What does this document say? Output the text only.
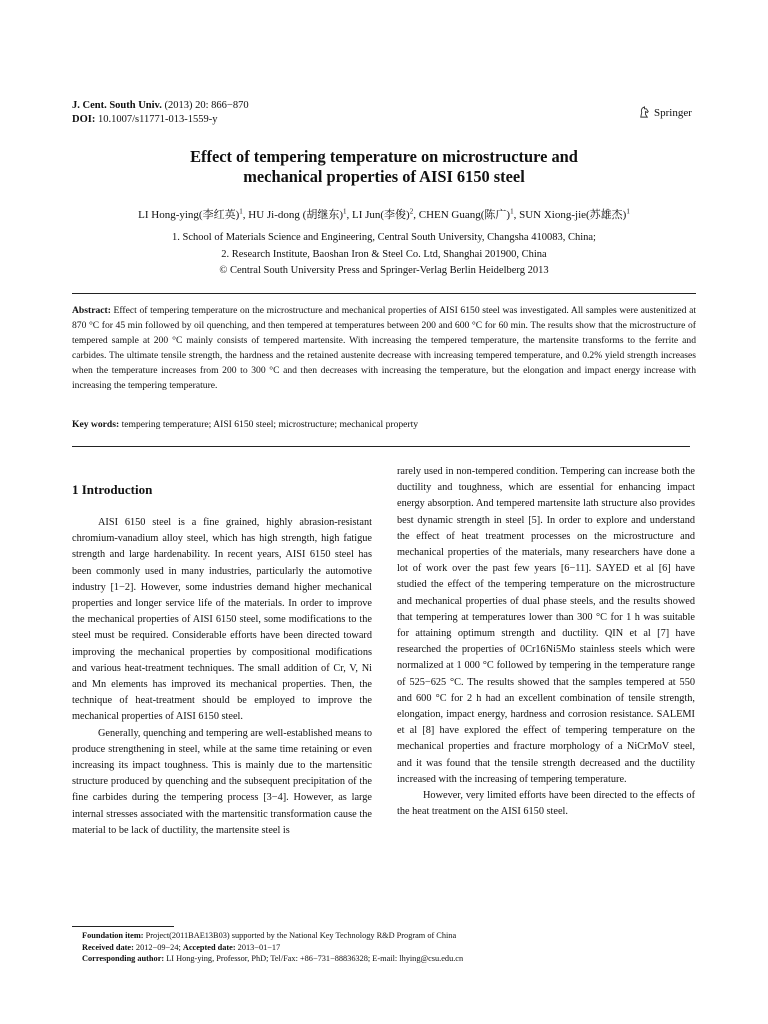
J. Cent. South Univ. (2013) 20: 866−870
DOI: 10.1007/s11771-013-1559-y
Springer
Effect of tempering temperature on microstructure and
mechanical properties of AISI 6150 steel
LI Hong-ying(李红英)$^1$, HU Ji-dong (胡继东)$^1$, LI Jun(李俊)$^2$, CHEN Guang(陈广)$^1$, SUN Xiong-jie(苏雄杰)$^1$
1. School of Materials Science and Engineering, Central South University, Changsha 410083, China;
2. Research Institute, Baoshan Iron & Steel Co. Ltd, Shanghai 201900, China
© Central South University Press and Springer-Verlag Berlin Heidelberg 2013
Abstract: Effect of tempering temperature on the microstructure and mechanical properties of AISI 6150 steel was investigated. All samples were austenitized at 870 °C for 45 min followed by oil quenching, and then tempered at temperatures between 200 and 600 °C for 60 min. The results show that the microstructure of tempered sample at 200 °C mainly consists of tempered martensite. With increasing the tempered temperature, the martensite transforms to the ferrite and carbides. The ultimate tensile strength, the hardness and the retained austenite decrease with increasing tempered temperature, and 0.2% yield strength increases when the temperature increases from 200 to 300 °C and then decreases with increasing the temperature, but the elongation and impact energy increase with increasing the tempering temperature.
Key words: tempering temperature; AISI 6150 steel; microstructure; mechanical property
1 Introduction

AISI 6150 steel is a fine grained, highly abrasion-resistant chromium-vanadium alloy steel, which has high strength, high fatigue strength and large hardenability. In recent years, AISI 6150 steel has been commonly used in many industries, particularly the automotive industry [1−2]. However, some industries demand higher mechanical properties and longer service life of the materials. In order to improve the mechanical properties of AISI 6150 steel, some modifications to the steel must be required. Considerable efforts have been directed toward improving the mechanical properties by compositional modifications and various heat-treatment techniques. The small addition of Cr, V, Ni and Mn elements has improved its mechanical properties. Then, the technique of heat-treatment should be employed to improve the mechanical properties of AISI 6150 steel.

Generally, quenching and tempering are well-established means to produce strengthening in steel, while at the same time retaining or even increasing its impact toughness. This is mainly due to the martensitic structure produced by quenching and the subsequent precipitation of the fine carbides during the tempering process [3−4]. However, as large internal stresses associated with the martensitic transformation cause the material to be lack of ductility, the martensite steel is

rarely used in non-tempered condition. Tempering can increase both the ductility and toughness, which are essential for enhancing impact energy absorption. And tempered martensite lath structure also provides best dynamic strength in steel [5]. In order to explore and understand the effect of heat treatment processes on the microstructure and mechanical properties of the materials, many researchers have done a lot of work over the past few years [6−11]. SAYED et al [6] have studied the effect of the tempering temperature on the microstructure and mechanical properties of dual phase steels, and the results showed that tempering at temperatures lower than 300 °C for 1 h was suitable for attaining optimum strength and ductility. QIN et al [7] have researched the properties of 0Cr16Ni5Mo stainless steels which were normalized at 1 000 °C followed by tempering in the temperature range of 525−625 °C. The results showed that the samples tempered at 550 and 600 °C for 2 h had an excellent combination of tensile strength, elongation, impact energy, hardness and corrosion resistance. SALEMI et al [8] have explored the effect of tempering temperature on the mechanical properties and fracture morphology of a NiCrMoV steel, and it was found that the tensile strength decreased and the ductility increased with the increasing of tempering temperature.

However, very limited efforts have been directed to the effects of the heat treatment on the AISI 6150 steel.

Foundation item: Project(2011BAE13B03) supported by the National Key Technology R&D Program of China
Received date: 2012−09−24; Accepted date: 2013−01−17
Corresponding author: LI Hong-ying, Professor, PhD; Tel/Fax: +86−731−88836328; E-mail: lhying@csu.edu.cn
